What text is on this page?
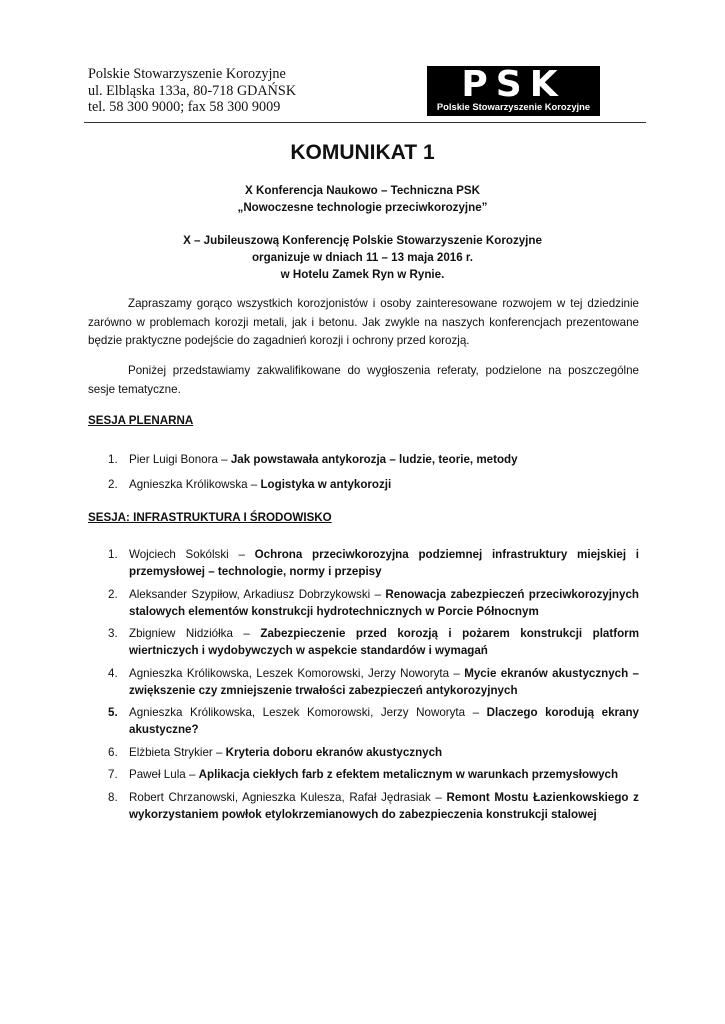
Polskie Stowarzyszenie Korozyjne
ul. Elbląska 133a, 80-718 GDAŃSK
tel. 58 300 9000; fax 58 300 9009
PSK
Polskie Stowarzyszenie Korozyjne
KOMUNIKAT 1
X Konferencja Naukowo – Techniczna PSK
„Nowoczesne technologie przeciwkorozyjne”
X – Jubileuszową Konferencję Polskie Stowarzyszenie Korozyjne
organizuje w dniach 11 – 13 maja 2016 r.
w Hotelu Zamek Ryn w Rynie.
Zapraszamy gorąco wszystkich korozjonistów i osoby zainteresowane rozwojem w tej dziedzinie zarówno w problemach korozji metali, jak i betonu. Jak zwykle na naszych konferencjach prezentowane będzie praktyczne podejście do zagadnień korozji i ochrony przed korozją.
Poniżej przedstawiamy zakwalifikowane do wygłoszenia referaty, podzielone na poszczególne sesje tematyczne.
SESJA PLENARNA
1. Pier Luigi Bonora – Jak powstawała antykorozja – ludzie, teorie, metody
2. Agnieszka Królikowska – Logistyka w antykorozji
SESJA: INFRASTRUKTURA I ŚRODOWISKO
1. Wojciech Sokólski – Ochrona przeciwkorozyjna podziemnej infrastruktury miejskiej i przemysłowej – technologie, normy i przepisy
2. Aleksander Szypiłow, Arkadiusz Dobrzykowski – Renowacja zabezpieczeń przeciwkorozyjnych stalowych elementów konstrukcji hydrotechnicznych w Porcie Północnym
3. Zbigniew Nidziółka – Zabezpieczenie przed korozją i pożarem konstrukcji platform wiertniczych i wydobywczych w aspekcie standardów i wymagań
4. Agnieszka Królikowska, Leszek Komorowski, Jerzy Noworyta – Mycie ekranów akustycznych – zwiększenie czy zmniejszenie trwałości zabezpieczeń antykorozyjnych
5. Agnieszka Królikowska, Leszek Komorowski, Jerzy Noworyta – Dlaczego korodują ekrany akustyczne?
6. Elżbieta Strykier – Kryteria doboru ekranów akustycznych
7. Paweł Lula – Aplikacja ciekłych farb z efektem metalicznym w warunkach przemysłowych
8. Robert Chrzanowski, Agnieszka Kulesza, Rafał Jędrasiak – Remont Mostu Łazienkowskiego z wykorzystaniem powłok etylokrzemianowych do zabezpieczenia konstrukcji stalowej
